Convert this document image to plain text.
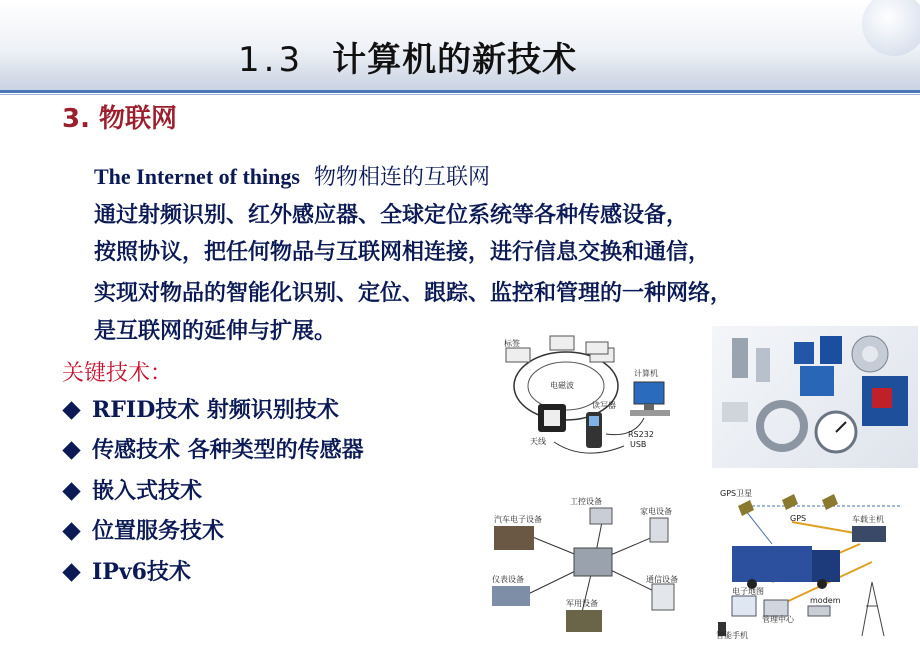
1.3 计算机的新技术
3. 物联网
The Internet of things 物物相连的互联网
通过射频识别、红外感应器、全球定位系统等各种传感设备，
按照协议，把任何物品与互联网相连接，进行信息交换和通信，
实现对物品的智能化识别、定位、跟踪、监控和管理的一种网络，
是互联网的延伸与扩展。
关键技术：
RFID技术 射频识别技术
传感技术 各种类型的传感器
嵌入式技术
位置服务技术
IPv6技术
标签
电磁波
计算机
读写器
天线
RS232
USB
工控设备
汽车电子设备
家电设备
仪表设备
军用设备
通信设备
GPS卫星
GPS	车载主机
电子地图
modem
管理中心
智能手机
